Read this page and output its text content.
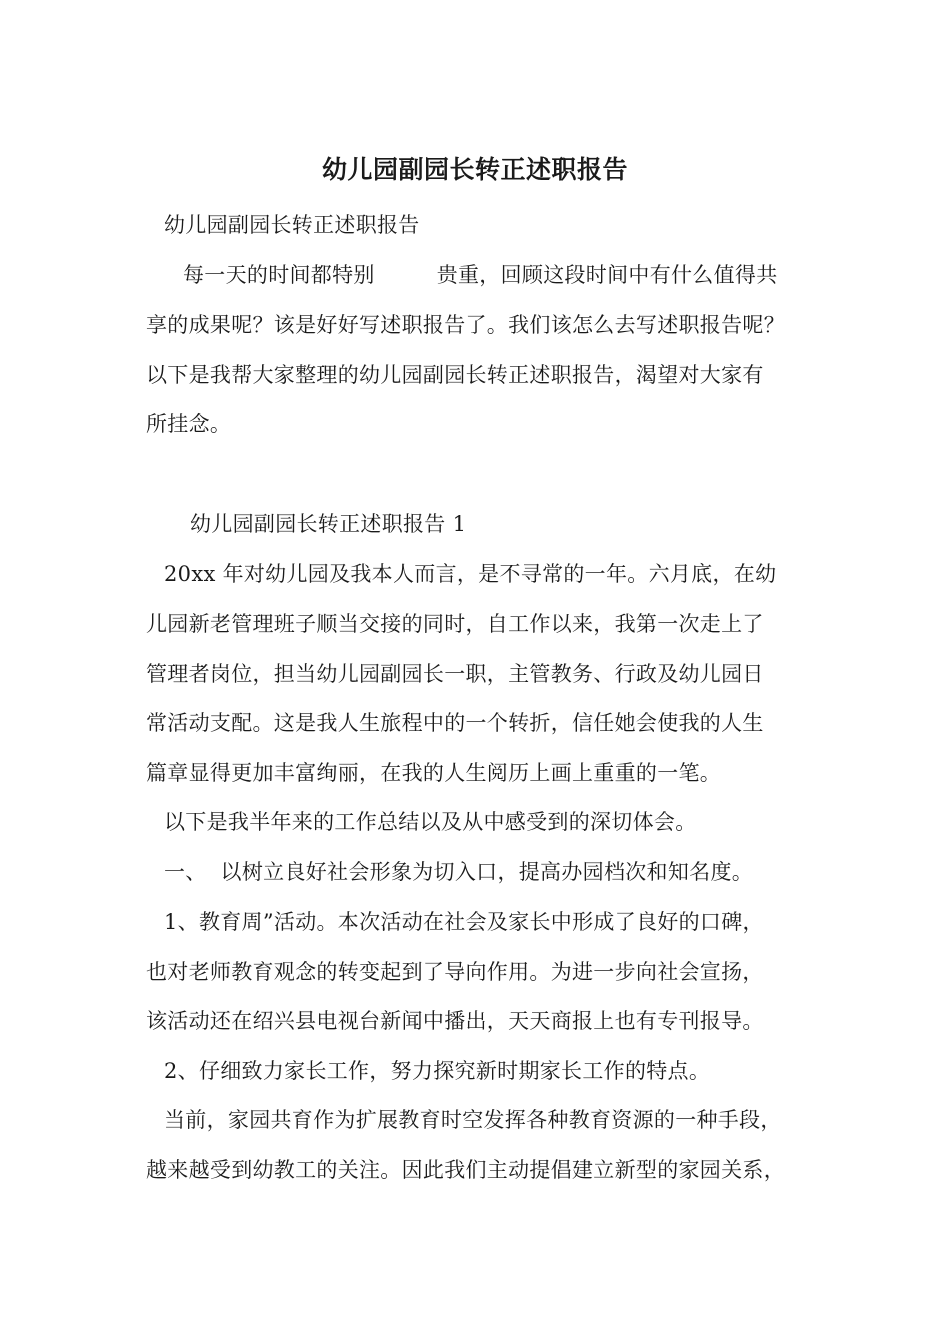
幼儿园副园长转正述职报告
幼儿园副园长转正述职报告
每一天的时间都特别	贵重，回顾这段时间中有什么值得共
享的成果呢？该是好好写述职报告了。我们该怎么去写述职报告呢？
以下是我帮大家整理的幼儿园副园长转正述职报告，渴望对大家有
所挂念。
幼儿园副园长转正述职报告 1
20xx 年对幼儿园及我本人而言，是不寻常的一年。六月底，在幼
儿园新老管理班子顺当交接的同时，自工作以来，我第一次走上了
管理者岗位，担当幼儿园副园长一职，主管教务、行政及幼儿园日
常活动支配。这是我人生旅程中的一个转折，信任她会使我的人生
篇章显得更加丰富绚丽，在我的人生阅历上画上重重的一笔。
以下是我半年来的工作总结以及从中感受到的深切体会。
一、  以树立良好社会形象为切入口，提高办园档次和知名度。
1、教育周”活动。本次活动在社会及家长中形成了良好的口碑，
也对老师教育观念的转变起到了导向作用。为进一步向社会宣扬，
该活动还在绍兴县电视台新闻中播出，天天商报上也有专刊报导。
2、仔细致力家长工作，努力探究新时期家长工作的特点。
当前，家园共育作为扩展教育时空发挥各种教育资源的一种手段，
越来越受到幼教工的关注。因此我们主动提倡建立新型的家园关系，
